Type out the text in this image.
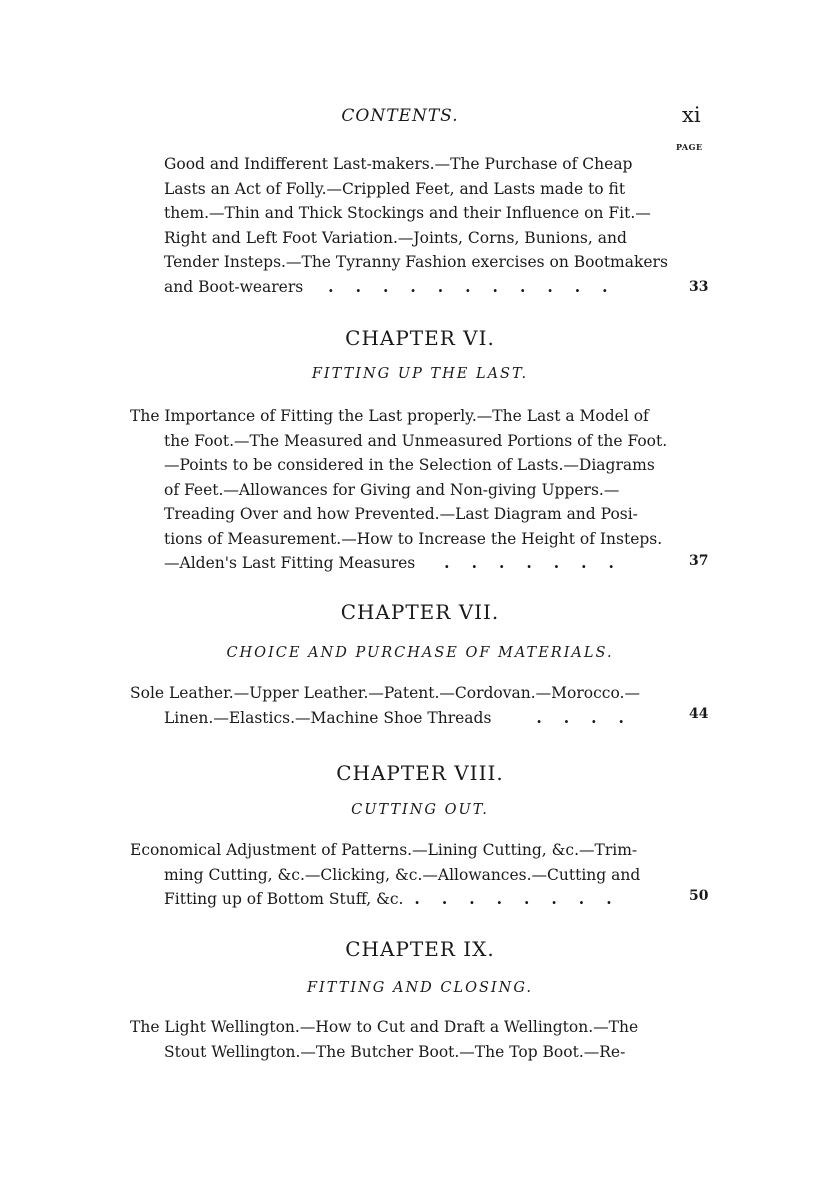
CONTENTS.	xi
PAGE
Good and Indifferent Last-makers.—The Purchase of Cheap
Lasts an Act of Folly.—Crippled Feet, and Lasts made to fit
them.—Thin and Thick Stockings and their Influence on Fit.—
Right and Left Foot Variation.—Joints, Corns, Bunions, and
Tender Insteps.—The Tyranny Fashion exercises on Bootmakers
and Boot-wearers ...........	33
CHAPTER VI.
FITTING UP THE LAST.
The Importance of Fitting the Last properly.—The Last a Model of
the Foot.—The Measured and Unmeasured Portions of the Foot.
—Points to be considered in the Selection of Lasts.—Diagrams
of Feet.—Allowances for Giving and Non-giving Uppers.—
Treading Over and how Prevented.—Last Diagram and Posi-
tions of Measurement.—How to Increase the Height of Insteps.
—Alden's Last Fitting Measures .......	37
CHAPTER VII.
CHOICE AND PURCHASE OF MATERIALS.
Sole Leather.—Upper Leather.—Patent.—Cordovan.—Morocco.—
Linen.—Elastics.—Machine Shoe Threads	....	44
CHAPTER VIII.
CUTTING OUT.
Economical Adjustment of Patterns.—Lining Cutting, &c.—Trim-
ming Cutting, &c.—Clicking, &c.—Allowances.—Cutting and
Fitting up of Bottom Stuff, &c. ........	50
CHAPTER IX.
FITTING AND CLOSING.
The Light Wellington.—How to Cut and Draft a Wellington.—The
Stout Wellington.—The Butcher Boot.—The Top Boot.—Re-
